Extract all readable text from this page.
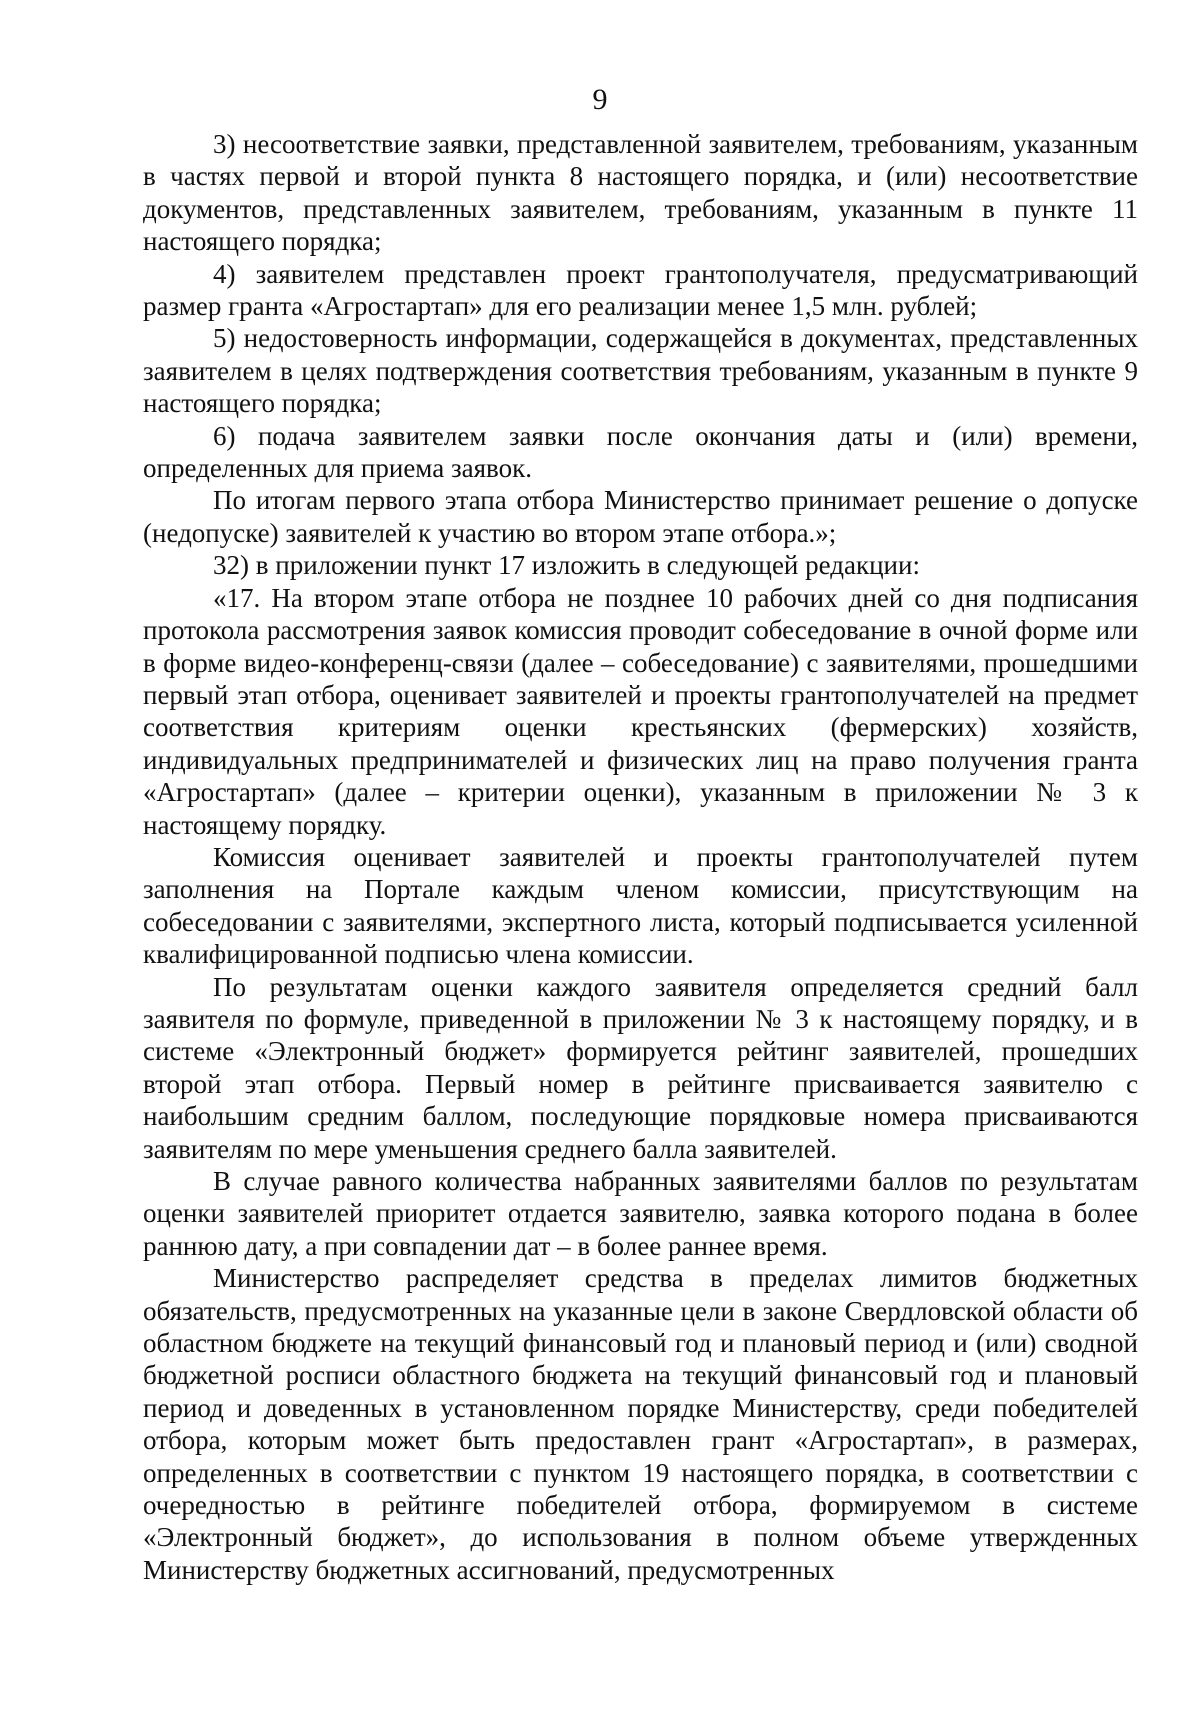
9

3) несоответствие заявки, представленной заявителем, требованиям, указанным в частях первой и второй пункта 8 настоящего порядка, и (или) несоответствие документов, представленных заявителем, требованиям, указанным в пункте 11 настоящего порядка;

4) заявителем представлен проект грантополучателя, предусматривающий размер гранта «Агростартап» для его реализации менее 1,5 млн. рублей;

5) недостоверность информации, содержащейся в документах, представленных заявителем в целях подтверждения соответствия требованиям, указанным в пункте 9 настоящего порядка;

6) подача заявителем заявки после окончания даты и (или) времени, определенных для приема заявок.

По итогам первого этапа отбора Министерство принимает решение о допуске (недопуске) заявителей к участию во втором этапе отбора.»;

32) в приложении пункт 17 изложить в следующей редакции:

«17. На втором этапе отбора не позднее 10 рабочих дней со дня подписания протокола рассмотрения заявок комиссия проводит собеседование в очной форме или в форме видео-конференц-связи (далее – собеседование) с заявителями, прошедшими первый этап отбора, оценивает заявителей и проекты грантополучателей на предмет соответствия критериям оценки крестьянских (фермерских) хозяйств, индивидуальных предпринимателей и физических лиц на право получения гранта «Агростартап» (далее – критерии оценки), указанным в приложении № 3 к настоящему порядку.

Комиссия оценивает заявителей и проекты грантополучателей путем заполнения на Портале каждым членом комиссии, присутствующим на собеседовании с заявителями, экспертного листа, который подписывается усиленной квалифицированной подписью члена комиссии.

По результатам оценки каждого заявителя определяется средний балл заявителя по формуле, приведенной в приложении № 3 к настоящему порядку, и в системе «Электронный бюджет» формируется рейтинг заявителей, прошедших второй этап отбора. Первый номер в рейтинге присваивается заявителю с наибольшим средним баллом, последующие порядковые номера присваиваются заявителям по мере уменьшения среднего балла заявителей.

В случае равного количества набранных заявителями баллов по результатам оценки заявителей приоритет отдается заявителю, заявка которого подана в более раннюю дату, а при совпадении дат – в более раннее время.

Министерство распределяет средства в пределах лимитов бюджетных обязательств, предусмотренных на указанные цели в законе Свердловской области об областном бюджете на текущий финансовый год и плановый период и (или) сводной бюджетной росписи областного бюджета на текущий финансовый год и плановый период и доведенных в установленном порядке Министерству, среди победителей отбора, которым может быть предоставлен грант «Агростартап», в размерах, определенных в соответствии с пунктом 19 настоящего порядка, в соответствии с очередностью в рейтинге победителей отбора, формируемом в системе «Электронный бюджет», до использования в полном объеме утвержденных Министерству бюджетных ассигнований, предусмотренных
